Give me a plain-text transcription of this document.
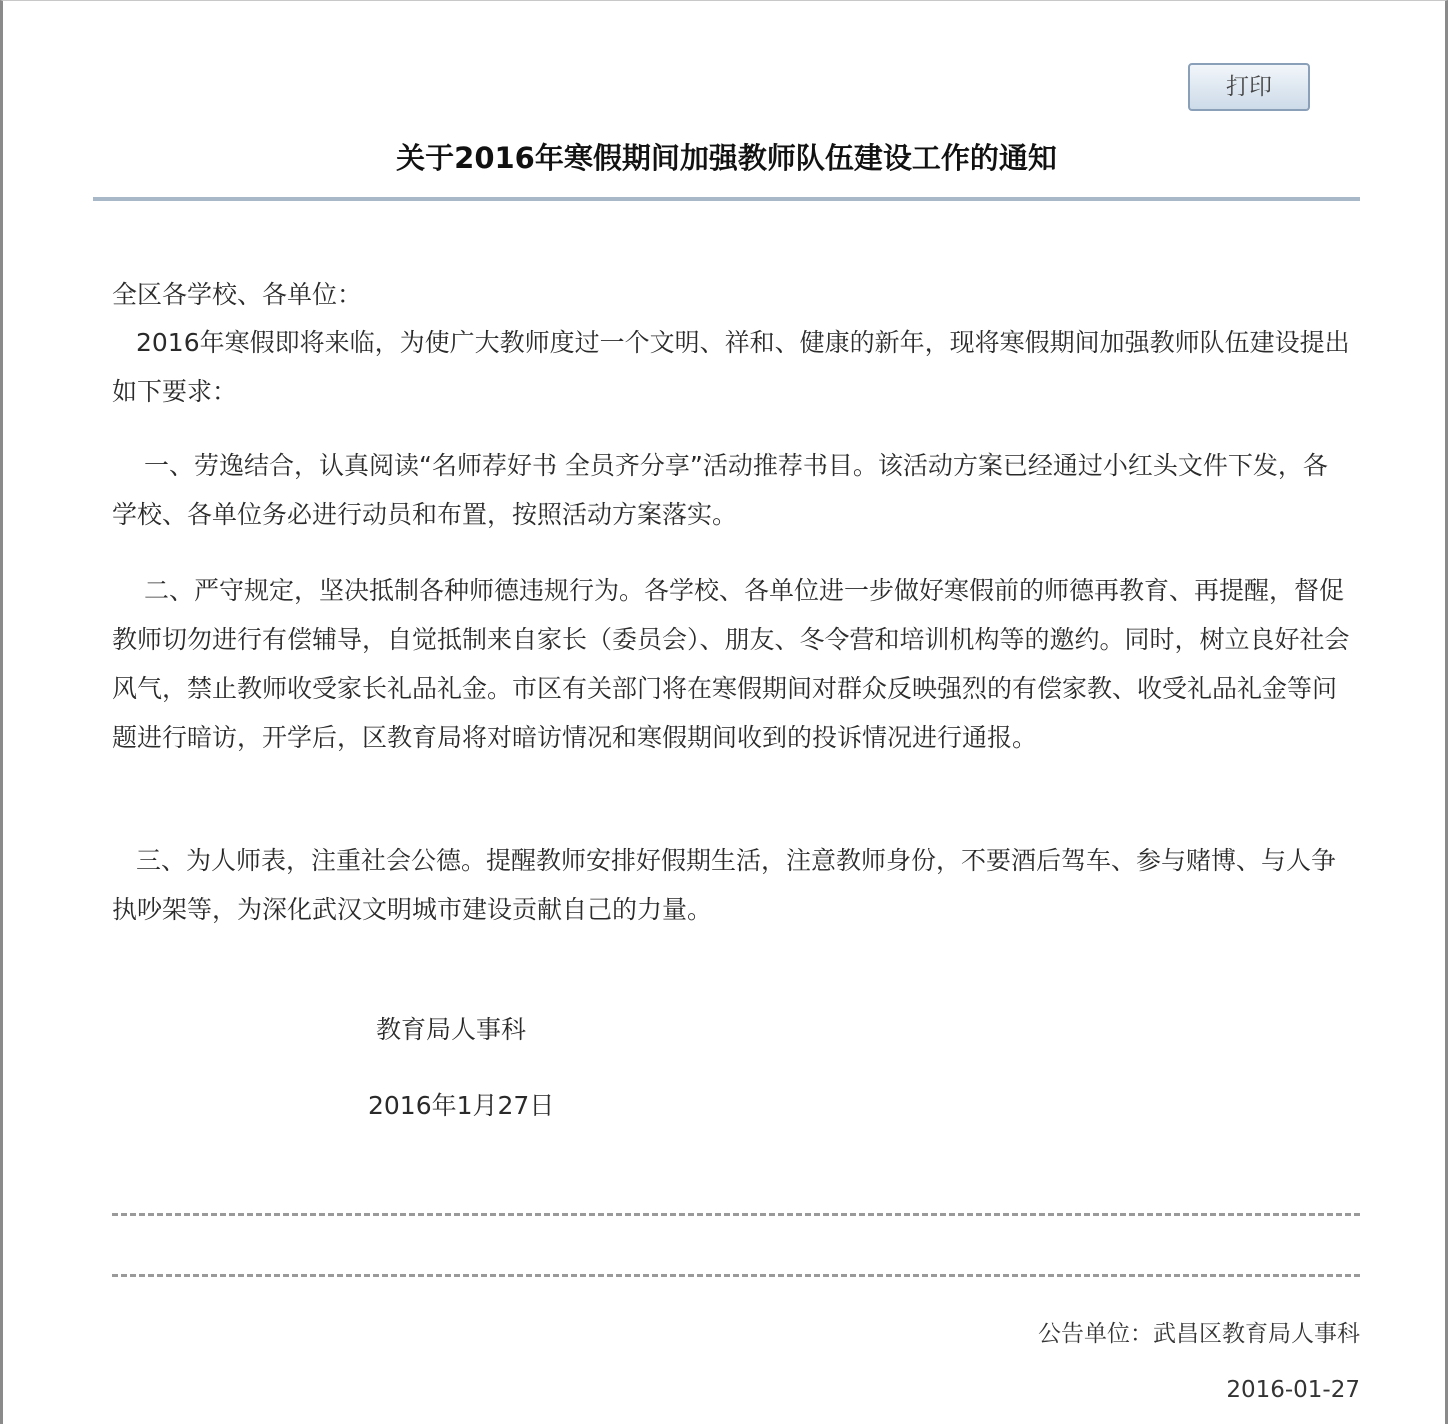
打印
关于2016年寒假期间加强教师队伍建设工作的通知

全区各学校、各单位：

2016年寒假即将来临，为使广大教师度过一个文明、祥和、健康的新年，现将寒假期间加强教师队伍建设提出如下要求：

一、劳逸结合，认真阅读“名师荐好书 全员齐分享”活动推荐书目。该活动方案已经通过小红头文件下发，各学校、各单位务必进行动员和布置，按照活动方案落实。

二、严守规定，坚决抵制各种师德违规行为。各学校、各单位进一步做好寒假前的师德再教育、再提醒，督促教师切勿进行有偿辅导，自觉抵制来自家长（委员会）、朋友、冬令营和培训机构等的邀约。同时，树立良好社会风气，禁止教师收受家长礼品礼金。市区有关部门将在寒假期间对群众反映强烈的有偿家教、收受礼品礼金等问题进行暗访，开学后，区教育局将对暗访情况和寒假期间收到的投诉情况进行通报。

三、为人师表，注重社会公德。提醒教师安排好假期生活，注意教师身份，不要酒后驾车、参与赌博、与人争执吵架等，为深化武汉文明城市建设贡献自己的力量。

教育局人事科
2016年1月27日
公告单位：武昌区教育局人事科
2016-01-27
